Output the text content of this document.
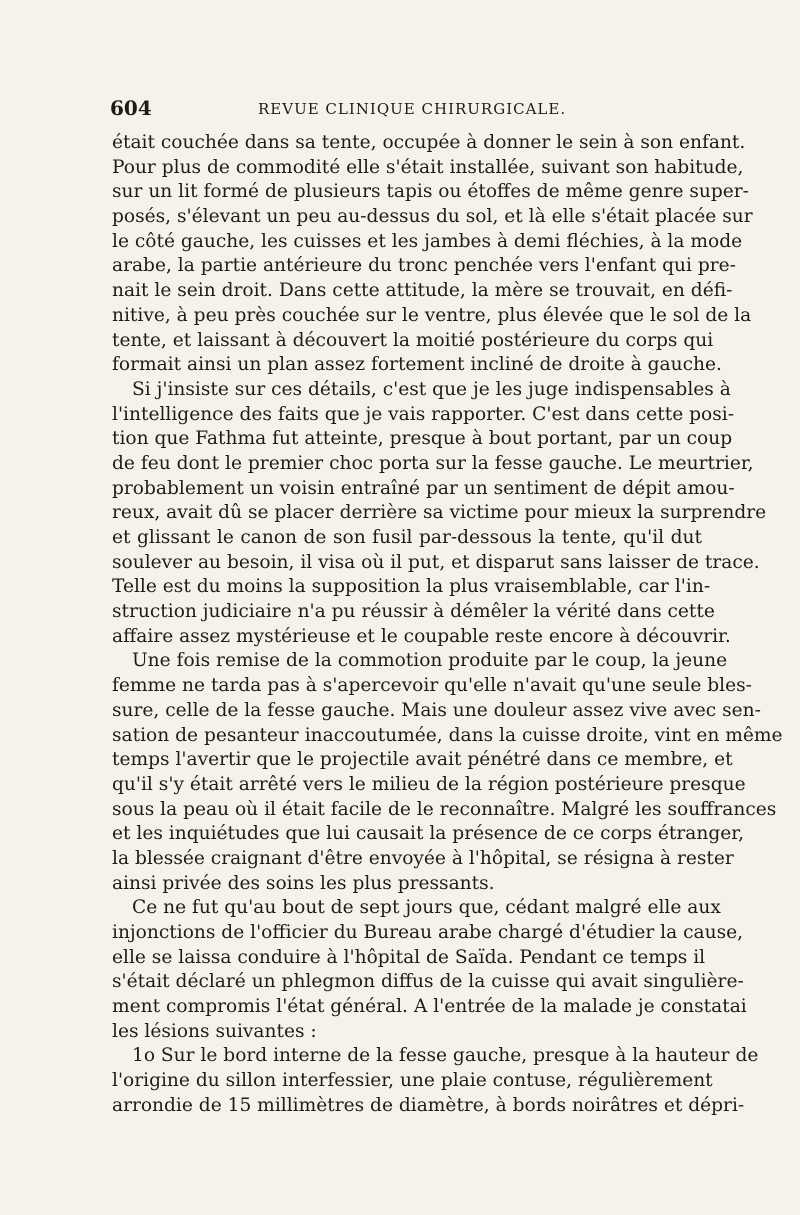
604	REVUE CLINIQUE CHIRURGICALE.
était couchée dans sa tente, occupée à donner le sein à son enfant.
Pour plus de commodité elle s'était installée, suivant son habitude,
sur un lit formé de plusieurs tapis ou étoffes de même genre super-
posés, s'élevant un peu au-dessus du sol, et là elle s'était placée sur
le côté gauche, les cuisses et les jambes à demi fléchies, à la mode
arabe, la partie antérieure du tronc penchée vers l'enfant qui pre-
nait le sein droit. Dans cette attitude, la mère se trouvait, en défi-
nitive, à peu près couchée sur le ventre, plus élevée que le sol de la
tente, et laissant à découvert la moitié postérieure du corps qui
formait ainsi un plan assez fortement incliné de droite à gauche.
Si j'insiste sur ces détails, c'est que je les juge indispensables à
l'intelligence des faits que je vais rapporter. C'est dans cette posi-
tion que Fathma fut atteinte, presque à bout portant, par un coup
de feu dont le premier choc porta sur la fesse gauche. Le meurtrier,
probablement un voisin entraîné par un sentiment de dépit amou-
reux, avait dû se placer derrière sa victime pour mieux la surprendre
et glissant le canon de son fusil par-dessous la tente, qu'il dut
soulever au besoin, il visa où il put, et disparut sans laisser de trace.
Telle est du moins la supposition la plus vraisemblable, car l'in-
struction judiciaire n'a pu réussir à démêler la vérité dans cette
affaire assez mystérieuse et le coupable reste encore à découvrir.
Une fois remise de la commotion produite par le coup, la jeune
femme ne tarda pas à s'apercevoir qu'elle n'avait qu'une seule bles-
sure, celle de la fesse gauche. Mais une douleur assez vive avec sen-
sation de pesanteur inaccoutumée, dans la cuisse droite, vint en même
temps l'avertir que le projectile avait pénétré dans ce membre, et
qu'il s'y était arrêté vers le milieu de la région postérieure presque
sous la peau où il était facile de le reconnaître. Malgré les souffrances
et les inquiétudes que lui causait la présence de ce corps étranger,
la blessée craignant d'être envoyée à l'hôpital, se résigna à rester
ainsi privée des soins les plus pressants.
Ce ne fut qu'au bout de sept jours que, cédant malgré elle aux
injonctions de l'officier du Bureau arabe chargé d'étudier la cause,
elle se laissa conduire à l'hôpital de Saïda. Pendant ce temps il
s'était déclaré un phlegmon diffus de la cuisse qui avait singulière-
ment compromis l'état général. A l'entrée de la malade je constatai
les lésions suivantes :
1o Sur le bord interne de la fesse gauche, presque à la hauteur de
l'origine du sillon interfessier, une plaie contuse, régulièrement
arrondie de 15 millimètres de diamètre, à bords noirâtres et dépri-
